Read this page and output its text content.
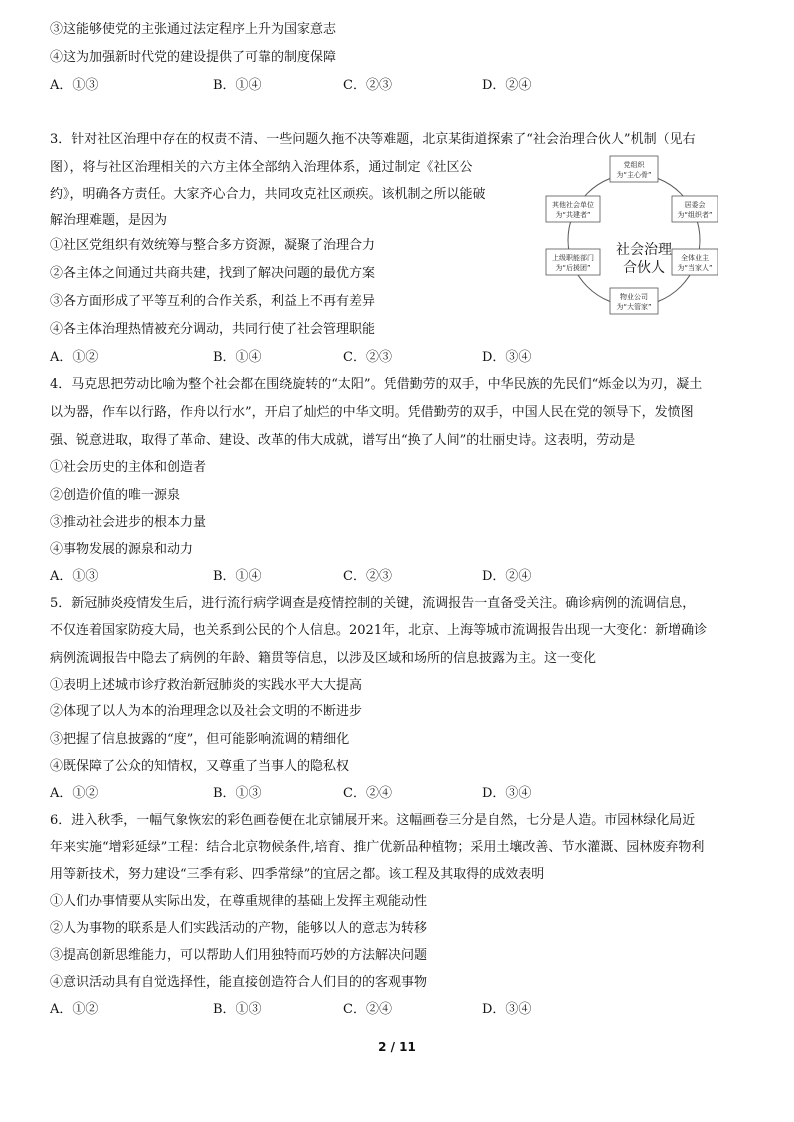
③这能够使党的主张通过法定程序上升为国家意志
④这为加强新时代党的建设提供了可靠的制度保障
A．①③	B．①④	C．②③	D．②④
3．针对社区治理中存在的权责不清、一些问题久拖不决等难题，北京某街道探索了“社会治理合伙人”机制（见右
图），将与社区治理相关的六方主体全部纳入治理体系，通过制定《社区公
约》，明确各方责任。大家齐心合力，共同攻克社区顽疾。该机制之所以能破
解治理难题，是因为
①社区党组织有效统筹与整合多方资源，凝聚了治理合力
②各主体之间通过共商共建，找到了解决问题的最优方案
③各方面形成了平等互利的合作关系，利益上不再有差异
④各主体治理热情被充分调动，共同行使了社会管理职能
A．①②	B．①④	C．②③	D．③④
社会治理
合伙人
党组织
为“主心骨”
居委会
为“组织者”
全体业主
为“当家人”
物业公司
为“大管家”
上级职能部门
为“后援团”
其他社会单位
为“共建者”
4．马克思把劳动比喻为整个社会都在围绕旋转的“太阳”。凭借勤劳的双手，中华民族的先民们“烁金以为刃，凝土
以为器，作车以行路，作舟以行水”，开启了灿烂的中华文明。凭借勤劳的双手，中国人民在党的领导下，发愤图
强、锐意进取，取得了革命、建设、改革的伟大成就，谱写出“换了人间”的壮丽史诗。这表明，劳动是
①社会历史的主体和创造者
②创造价值的唯一源泉
③推动社会进步的根本力量
④事物发展的源泉和动力
A．①③	B．①④	C．②③	D．②④
5．新冠肺炎疫情发生后，进行流行病学调查是疫情控制的关键，流调报告一直备受关注。确诊病例的流调信息，
不仅连着国家防疫大局，也关系到公民的个人信息。2021年，北京、上海等城市流调报告出现一大变化：新增确诊
病例流调报告中隐去了病例的年龄、籍贯等信息，以涉及区域和场所的信息披露为主。这一变化
①表明上述城市诊疗救治新冠肺炎的实践水平大大提高
②体现了以人为本的治理理念以及社会文明的不断进步
③把握了信息披露的“度”，但可能影响流调的精细化
④既保障了公众的知情权，又尊重了当事人的隐私权
A．①②	B．①③	C．②④	D．③④
6．进入秋季，一幅气象恢宏的彩色画卷便在北京铺展开来。这幅画卷三分是自然，七分是人造。市园林绿化局近
年来实施“增彩延绿”工程：结合北京物候条件,培育、推广优新品种植物；采用土壤改善、节水灌溉、园林废弃物利
用等新技术，努力建设“三季有彩、四季常绿”的宜居之都。该工程及其取得的成效表明
①人们办事情要从实际出发，在尊重规律的基础上发挥主观能动性
②人为事物的联系是人们实践活动的产物，能够以人的意志为转移
③提高创新思维能力，可以帮助人们用独特而巧妙的方法解决问题
④意识活动具有自觉选择性，能直接创造符合人们目的的客观事物
A．①②	B．①③	C．②④	D．③④
2 / 11
